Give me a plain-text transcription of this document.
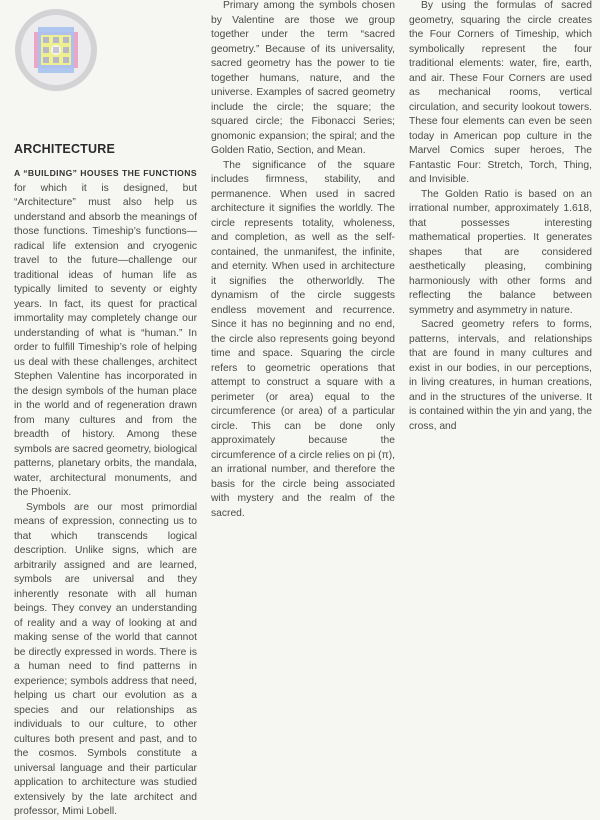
ARCHITECTURE

A “BUILDING” HOUSES THE FUNCTIONS for which it is designed, but “Architecture” must also help us understand and absorb the meanings of those functions. Timeship’s functions—radical life extension and cryogenic travel to the future—challenge our traditional ideas of human life as typically limited to seventy or eighty years. In fact, its quest for practical immortality may completely change our understanding of what is “human.” In order to fulfill Timeship’s role of helping us deal with these challenges, architect Stephen Valentine has incorporated in the design symbols of the human place in the world and of regeneration drawn from many cultures and from the breadth of history. Among these symbols are sacred geometry, biological patterns, planetary orbits, the mandala, water, architectural monuments, and the Phoenix.

Symbols are our most primordial means of expression, connecting us to that which transcends logical description. Unlike signs, which are arbitrarily assigned and are learned, symbols are universal and they inherently resonate with all human beings. They convey an understanding of reality and a way of looking at and making sense of the world that cannot be directly expressed in words. There is a human need to find patterns in experience; symbols address that need, helping us chart our evolution as a species and our relationships as individuals to our culture, to other cultures both present and past, and to the cosmos. Symbols constitute a universal language and their particular application to architecture was studied extensively by the late architect and professor, Mimi Lobell.

Primary among the symbols chosen by Valentine are those we group together under the term “sacred geometry.” Because of its universality, sacred geometry has the power to tie together humans, nature, and the universe. Examples of sacred geometry include the circle; the square; the squared circle; the Fibonacci Series; gnomonic expansion; the spiral; and the Golden Ratio, Section, and Mean.

The significance of the square includes firmness, stability, and permanence. When used in sacred architecture it signifies the worldly. The circle represents totality, wholeness, and completion, as well as the self-contained, the unmanifest, the infinite, and eternity. When used in architecture it signifies the otherworldly. The dynamism of the circle suggests endless movement and recurrence. Since it has no beginning and no end, the circle also represents going beyond time and space. Squaring the circle refers to geometric operations that attempt to construct a square with a perimeter (or area) equal to the circumference (or area) of a particular circle. This can be done only approximately because the circumference of a circle relies on pi (π), an irrational number, and therefore the basis for the circle being associated with mystery and the realm of the sacred.

By using the formulas of sacred geometry, squaring the circle creates the Four Corners of Timeship, which symbolically represent the four traditional elements: water, fire, earth, and air. These Four Corners are used as mechanical rooms, vertical circulation, and security lookout towers. These four elements can even be seen today in American pop culture in the Marvel Comics super heroes, The Fantastic Four: Stretch, Torch, Thing, and Invisible.

The Golden Ratio is based on an irrational number, approximately 1.618, that possesses interesting mathematical properties. It generates shapes that are considered aesthetically pleasing, combining harmoniously with other forms and reflecting the balance between symmetry and asymmetry in nature.

Sacred geometry refers to forms, patterns, intervals, and relationships that are found in many cultures and exist in our bodies, in our perceptions, in living creatures, in human creations, and in the structures of the universe. It is contained within the yin and yang, the cross, and
